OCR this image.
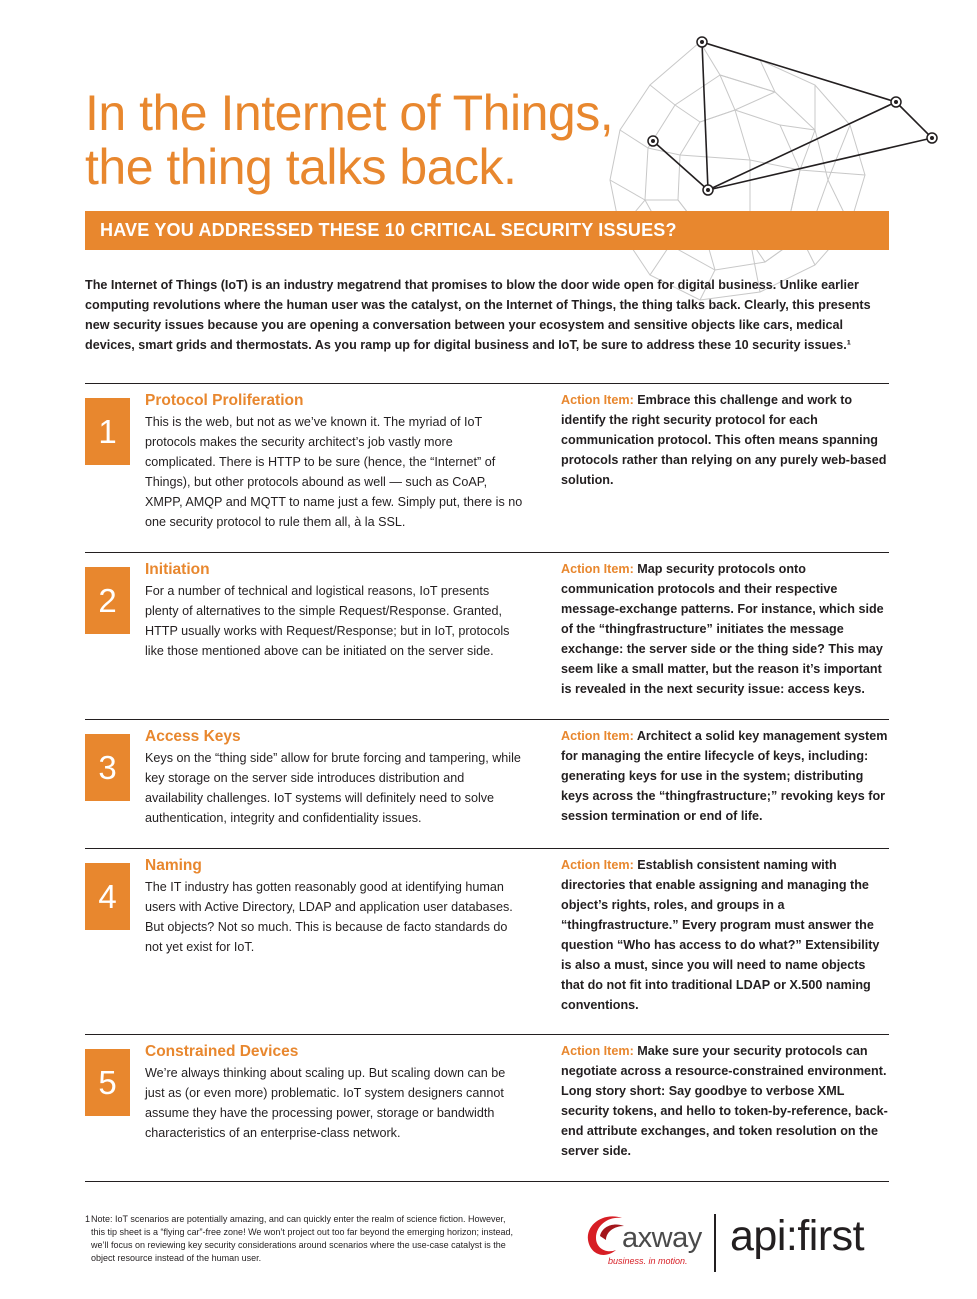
In the Internet of Things,
the thing talks back.
HAVE YOU ADDRESSED THESE 10 CRITICAL SECURITY ISSUES?

The Internet of Things (IoT) is an industry megatrend that promises to blow the door wide open for digital business. Unlike earlier computing revolutions where the human user was the catalyst, on the Internet of Things, the thing talks back. Clearly, this presents new security issues because you are opening a conversation between your ecosystem and sensitive objects like cars, medical devices, smart grids and thermostats. As you ramp up for digital business and IoT, be sure to address these 10 security issues.¹

1
Protocol Proliferation

This is the web, but not as we’ve known it. The myriad of IoT protocols makes the security architect’s job vastly more complicated. There is HTTP to be sure (hence, the “Internet” of Things), but other protocols abound as well — such as CoAP, XMPP, AMQP and MQTT to name just a few. Simply put, there is no one security protocol to rule them all, à la SSL.

Action Item: Embrace this challenge and work to identify the right security protocol for each communication protocol. This often means spanning protocols rather than relying on any purely web-based solution.

2
Initiation

For a number of technical and logistical reasons, IoT presents plenty of alternatives to the simple Request/Response. Granted, HTTP usually works with Request/Response; but in IoT, protocols like those mentioned above can be initiated on the server side.

Action Item: Map security protocols onto communication protocols and their respective message-exchange patterns. For instance, which side of the “thingfrastructure” initiates the message exchange: the server side or the thing side? This may seem like a small matter, but the reason it’s important is revealed in the next security issue: access keys.

3
Access Keys

Keys on the “thing side” allow for brute forcing and tampering, while key storage on the server side introduces distribution and availability challenges. IoT systems will definitely need to solve authentication, integrity and confidentiality issues.

Action Item: Architect a solid key management system for managing the entire lifecycle of keys, including: generating keys for use in the system; distributing keys across the “thingfrastructure;” revoking keys for session termination or end of life.

4
Naming

The IT industry has gotten reasonably good at identifying human users with Active Directory, LDAP and application user databases. But objects? Not so much. This is because de facto standards do not yet exist for IoT.

Action Item: Establish consistent naming with directories that enable assigning and managing the object’s rights, roles, and groups in a “thingfrastructure.” Every program must answer the question “Who has access to do what?” Extensibility is also a must, since you will need to name objects that do not fit into traditional LDAP or X.500 naming conventions.

5
Constrained Devices

We’re always thinking about scaling up. But scaling down can be just as (or even more) problematic. IoT system designers cannot assume they have the processing power, storage or bandwidth characteristics of an enterprise-class network.

Action Item: Make sure your security protocols can negotiate across a resource-constrained environment. Long story short: Say goodbye to verbose XML security tokens, and hello to token-by-reference, back-end attribute exchanges, and token resolution on the server side.

1 Note: IoT scenarios are potentially amazing, and can quickly enter the realm of science fiction. However, this tip sheet is a “flying car”-free zone! We won’t project out too far beyond the emerging horizon; instead, we’ll focus on reviewing key security considerations around scenarios where the use-case catalyst is the object resource instead of the human user.
axway
business. in motion.
api:first
